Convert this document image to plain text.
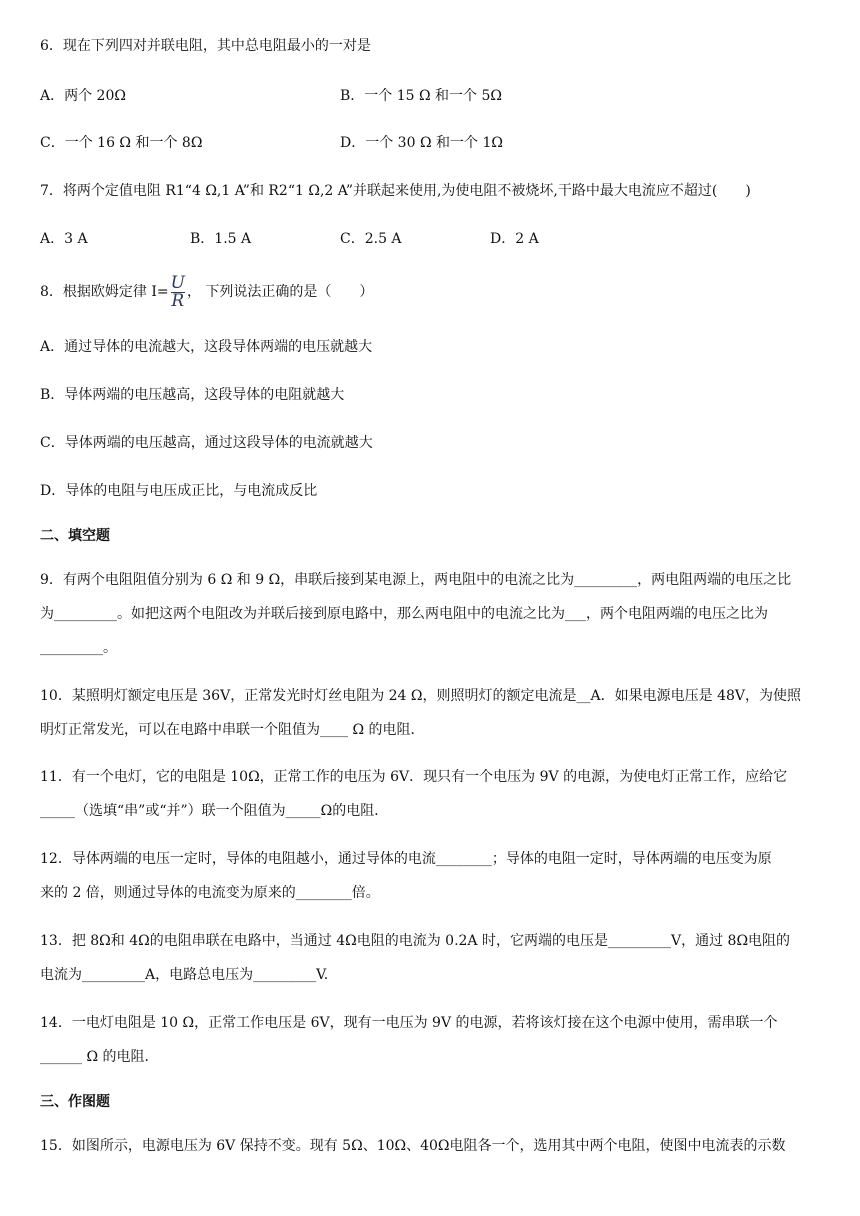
6．现在下列四对并联电阻，其中总电阻最小的一对是
A．两个 20Ω	B．一个 15 Ω 和一个 5Ω
C．一个 16 Ω 和一个 8Ω	D．一个 30 Ω 和一个 1Ω
7．将两个定值电阻 R1“4 Ω,1 A”和 R2“1 Ω,2 A”并联起来使用,为使电阻不被烧坏,干路中最大电流应不超过(　　)
A．3 A	B．1.5 A	C．2.5 A	D．2 A
8．根据欧姆定律 $I= \frac{U}{R}$ ， 下列说法正确的是（　　）
A．通过导体的电流越大，这段导体两端的电压就越大
B．导体两端的电压越高，这段导体的电阻就越大
C．导体两端的电压越高，通过这段导体的电流就越大
D．导体的电阻与电压成正比，与电流成反比
二、填空题
9．有两个电阻阻值分别为 6 Ω 和 9 Ω，串联后接到某电源上，两电阻中的电流之比为_________，两电阻两端的电压之比
为_________。如把这两个电阻改为并联后接到原电路中，那么两电阻中的电流之比为___，两个电阻两端的电压之比为
_________。
10．某照明灯额定电压是 36V，正常发光时灯丝电阻为 24 Ω，则照明灯的额定电流是__A．如果电源电压是 48V，为使照
明灯正常发光，可以在电路中串联一个阻值为____ Ω 的电阻．
11．有一个电灯，它的电阻是 10Ω，正常工作的电压为 6V．现只有一个电压为 9V 的电源，为使电灯正常工作，应给它
_____（选填“串”或“并”）联一个阻值为_____Ω的电阻．
12．导体两端的电压一定时，导体的电阻越小，通过导体的电流________；导体的电阻一定时，导体两端的电压变为原
来的 2 倍，则通过导体的电流变为原来的________倍。
13．把 8Ω和 4Ω的电阻串联在电路中，当通过 4Ω电阻的电流为 0.2A 时，它两端的电压是_________V，通过 8Ω电阻的
电流为_________A，电路总电压为_________V.
14．一电灯电阻是 10 Ω，正常工作电压是 6V，现有一电压为 9V 的电源，若将该灯接在这个电源中使用，需串联一个
______ Ω 的电阻．
三、作图题
15．如图所示，电源电压为 6V 保持不变。现有 5Ω、10Ω、40Ω电阻各一个，选用其中两个电阻，使图中电流表的示数
